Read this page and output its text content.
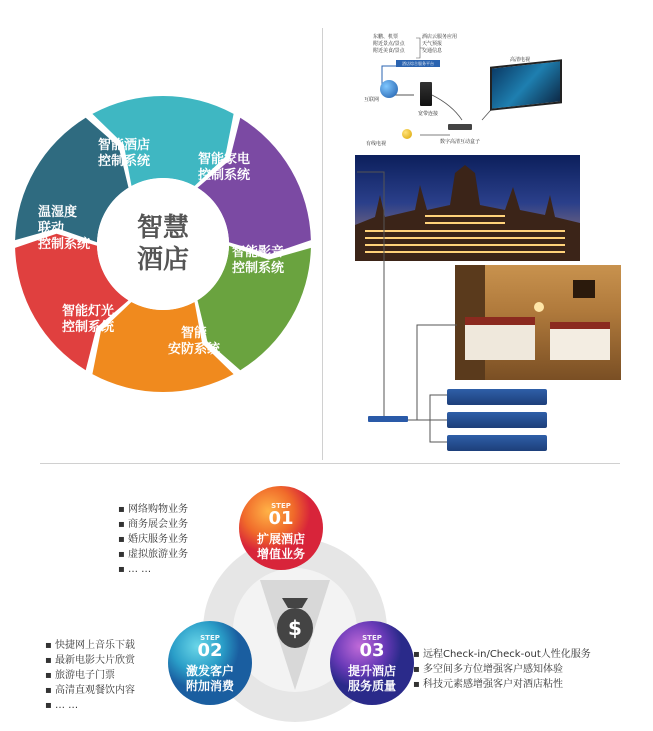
智慧
酒店
智能酒店
控制系统	智能家电
控制系统
智能影音
控制系统
智能
安防系统
智能灯光
控制系统
温湿度
联动
控制系统
东鹏、机票
附近景点/景点
附近美食/景点
酒店云服务应用
天气预报
交通信息
酒店综合服务平台
互联网
宽带连接
高清电视
有线电视	数字高清互动盒子
$
STEP
01
扩展酒店
增值业务
STEP
02
激发客户
附加消费
STEP
03
提升酒店
服务质量
▪ 网络购物业务
▪ 商务展会业务
▪ 婚庆服务业务
▪ 虚拟旅游业务
▪ … …
▪ 快捷网上音乐下载
▪ 最新电影大片欣赏
▪ 旅游电子门票
▪ 高清直观餐饮内容
▪ … …
▪ 远程Check-in/Check-out人性化服务
▪ 多空间多方位增强客户感知体验
▪ 科技元素感增强客户对酒店粘性
